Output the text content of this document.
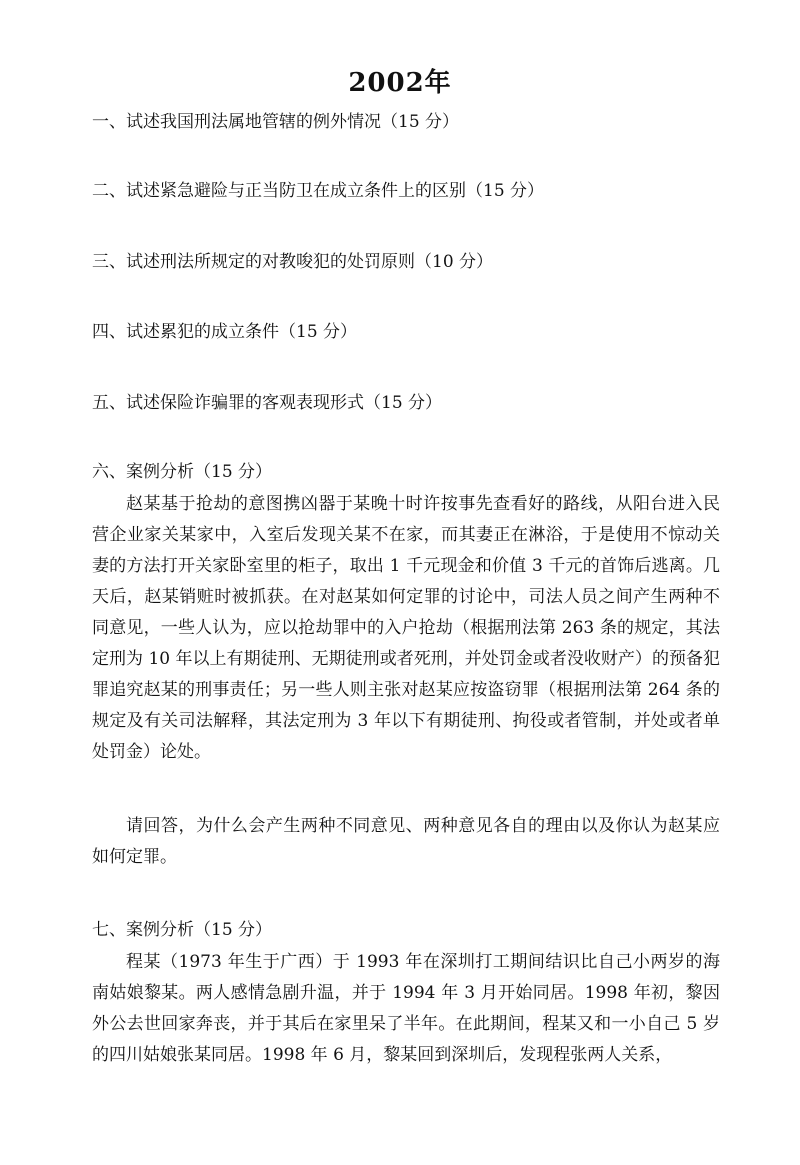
2002年
一、试述我国刑法属地管辖的例外情况（15 分）
二、试述紧急避险与正当防卫在成立条件上的区别（15 分）
三、试述刑法所规定的对教唆犯的处罚原则（10 分）
四、试述累犯的成立条件（15 分）
五、试述保险诈骗罪的客观表现形式（15 分）
六、案例分析（15 分）
赵某基于抢劫的意图携凶器于某晚十时许按事先查看好的路线，从阳台进入民营企业家关某家中，入室后发现关某不在家，而其妻正在淋浴，于是使用不惊动关妻的方法打开关家卧室里的柜子，取出 1 千元现金和价值 3 千元的首饰后逃离。几天后，赵某销赃时被抓获。在对赵某如何定罪的讨论中，司法人员之间产生两种不同意见，一些人认为，应以抢劫罪中的入户抢劫（根据刑法第 263 条的规定，其法定刑为 10 年以上有期徒刑、无期徒刑或者死刑，并处罚金或者没收财产）的预备犯罪追究赵某的刑事责任；另一些人则主张对赵某应按盗窃罪（根据刑法第 264 条的规定及有关司法解释，其法定刑为 3 年以下有期徒刑、拘役或者管制，并处或者单处罚金）论处。
请回答，为什么会产生两种不同意见、两种意见各自的理由以及你认为赵某应如何定罪。
七、案例分析（15 分）
程某（1973 年生于广西）于 1993 年在深圳打工期间结识比自己小两岁的海南姑娘黎某。两人感情急剧升温，并于 1994 年 3 月开始同居。1998 年初，黎因外公去世回家奔丧，并于其后在家里呆了半年。在此期间，程某又和一小自己 5 岁的四川姑娘张某同居。1998 年 6 月，黎某回到深圳后，发现程张两人关系，
